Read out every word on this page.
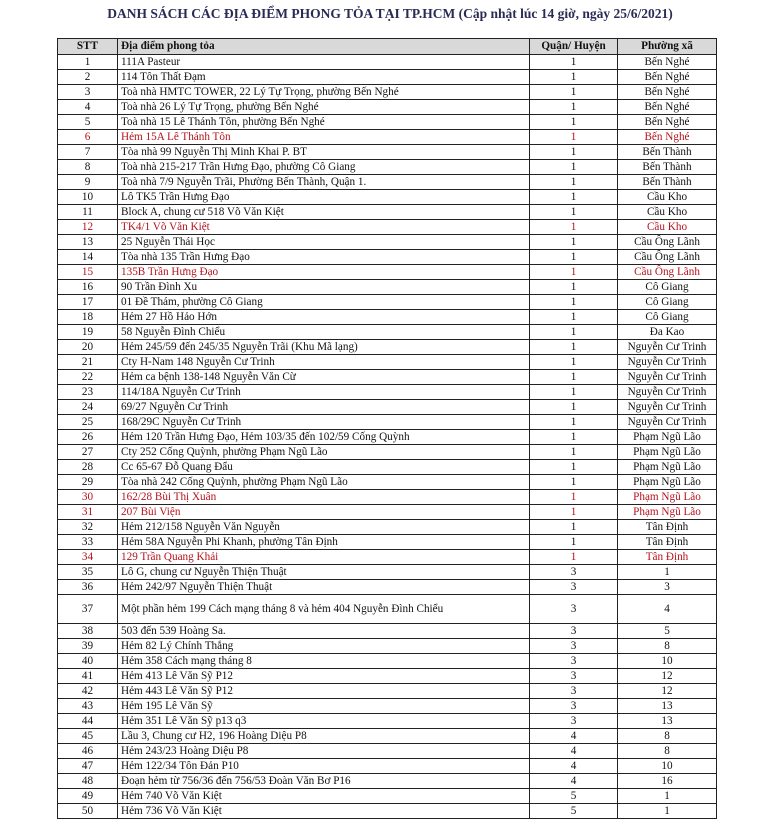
DANH SÁCH CÁC ĐỊA ĐIỂM PHONG TỎA TẠI TP.HCM (Cập nhật lúc 14 giờ, ngày 25/6/2021)
STT	Địa điểm phong tỏa	Quận/ Huyện	Phường xã
1	111A Pasteur	1	Bến Nghé
2	114 Tôn Thất Đạm	1	Bến Nghé
3	Toà nhà HMTC TOWER, 22 Lý Tự Trọng, phường Bến Nghé	1	Bến Nghé
4	Toà nhà 26 Lý Tự Trọng, phường Bến Nghé	1	Bến Nghé
5	Toà nhà 15 Lê Thánh Tôn, phường Bến Nghé	1	Bến Nghé
6	Hẻm 15A Lê Thánh Tôn	1	Bến Nghé
7	Tòa nhà 99 Nguyễn Thị Minh Khai P. BT	1	Bến Thành
8	Toà nhà 215-217 Trần Hưng Đạo, phường Cô Giang	1	Bến Thành
9	Toà nhà 7/9 Nguyễn Trãi, Phường Bến Thành, Quận 1.	1	Bến Thành
10	Lô TK5 Trần Hưng Đạo	1	Cầu Kho
11	Block A, chung cư 518 Võ Văn Kiệt	1	Cầu Kho
12	TK4/1 Võ Văn Kiệt	1	Cầu Kho
13	25 Nguyễn Thái Học	1	Cầu Ông Lãnh
14	Tòa nhà 135 Trần Hưng Đạo	1	Cầu Ông Lãnh
15	135B Trần Hưng Đạo	1	Cầu Ông Lãnh
16	90 Trần Đình Xu	1	Cô Giang
17	01 Đề Thám, phường Cô Giang	1	Cô Giang
18	Hẻm 27 Hồ Hảo Hớn	1	Cô Giang
19	58 Nguyễn Đình Chiểu	1	Đa Kao
20	Hẻm 245/59 đến 245/35 Nguyễn Trãi (Khu Mã lạng)	1	Nguyễn Cư Trinh
21	Cty H-Nam 148 Nguyễn Cư Trinh	1	Nguyễn Cư Trinh
22	Hẻm ca bệnh 138-148 Nguyễn Văn Cừ	1	Nguyễn Cư Trinh
23	114/18A Nguyễn Cư Trinh	1	Nguyễn Cư Trinh
24	69/27 Nguyễn Cư Trinh	1	Nguyễn Cư Trinh
25	168/29C Nguyễn Cư Trinh	1	Nguyễn Cư Trinh
26	Hẻm 120 Trần Hưng Đạo, Hẻm 103/35 đến 102/59 Cống Quỳnh	1	Phạm Ngũ Lão
27	Cty 252 Cống Quỳnh, phường Phạm Ngũ Lão	1	Phạm Ngũ Lão
28	Cc 65-67 Đỗ Quang Đẩu	1	Phạm Ngũ Lão
29	Tòa nhà 242 Cống Quỳnh, phường Phạm Ngũ Lão	1	Phạm Ngũ Lão
30	162/28 Bùi Thị Xuân	1	Phạm Ngũ Lão
31	207 Bùi Viện	1	Phạm Ngũ Lão
32	Hẻm 212/158 Nguyễn Văn Nguyễn	1	Tân Định
33	Hẻm 58A Nguyễn Phi Khanh, phường Tân Định	1	Tân Định
34	129 Trần Quang Khải	1	Tân Định
35	Lô G, chung cư Nguyễn Thiện Thuật	3	1
36	Hẻm 242/97 Nguyễn Thiện Thuật	3	3
37	Một phần hẻm 199 Cách mạng tháng 8 và hẻm 404 Nguyễn Đình Chiểu	3	4
38	503 đến 539 Hoàng Sa.	3	5
39	Hẻm 82 Lý Chính Thắng	3	8
40	Hẻm 358 Cách mạng tháng 8	3	10
41	Hẻm 413 Lê Văn Sỹ P12	3	12
42	Hẻm 443 Lê Văn Sỹ P12	3	12
43	Hẻm 195 Lê Văn Sỹ	3	13
44	Hẻm 351 Lê Văn Sỹ p13 q3	3	13
45	Lầu 3, Chung cư H2, 196 Hoàng Diệu P8	4	8
46	Hẻm 243/23 Hoàng Diệu P8	4	8
47	Hẻm 122/34 Tôn Đản P10	4	10
48	Đoạn hẻm từ 756/36 đến 756/53 Đoàn Văn Bơ P16	4	16
49	Hẻm 740 Võ Văn Kiệt	5	1
50	Hẻm 736 Võ Văn Kiệt	5	1
